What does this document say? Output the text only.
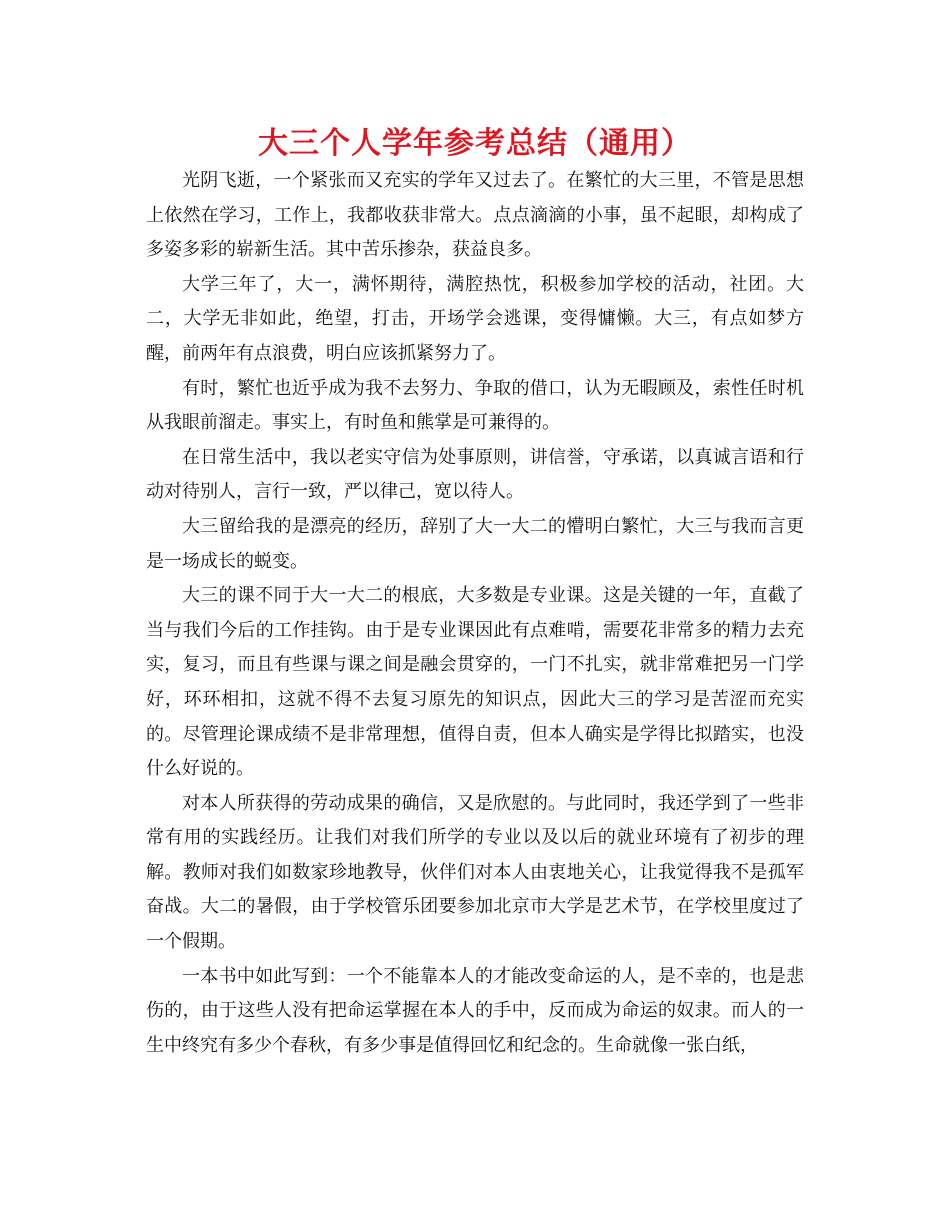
大三个人学年参考总结（通用）

光阴飞逝，一个紧张而又充实的学年又过去了。在繁忙的大三里，不管是思想上依然在学习，工作上，我都收获非常大。点点滴滴的小事，虽不起眼，却构成了多姿多彩的崭新生活。其中苦乐掺杂，获益良多。

大学三年了，大一，满怀期待，满腔热忱，积极参加学校的活动，社团。大二，大学无非如此，绝望，打击，开场学会逃课，变得慵懒。大三，有点如梦方醒，前两年有点浪费，明白应该抓紧努力了。

有时，繁忙也近乎成为我不去努力、争取的借口，认为无暇顾及，索性任时机从我眼前溜走。事实上，有时鱼和熊掌是可兼得的。

在日常生活中，我以老实守信为处事原则，讲信誉，守承诺，以真诚言语和行动对待别人，言行一致，严以律己，宽以待人。

大三留给我的是漂亮的经历，辞别了大一大二的懵明白繁忙，大三与我而言更是一场成长的蜕变。

大三的课不同于大一大二的根底，大多数是专业课。这是关键的一年，直截了当与我们今后的工作挂钩。由于是专业课因此有点难啃，需要花非常多的精力去充实，复习，而且有些课与课之间是融会贯穿的，一门不扎实，就非常难把另一门学好，环环相扣，这就不得不去复习原先的知识点，因此大三的学习是苦涩而充实的。尽管理论课成绩不是非常理想，值得自责，但本人确实是学得比拟踏实，也没什么好说的。

对本人所获得的劳动成果的确信，又是欣慰的。与此同时，我还学到了一些非常有用的实践经历。让我们对我们所学的专业以及以后的就业环境有了初步的理解。教师对我们如数家珍地教导，伙伴们对本人由衷地关心，让我觉得我不是孤军奋战。大二的暑假，由于学校管乐团要参加北京市大学是艺术节，在学校里度过了一个假期。

一本书中如此写到：一个不能靠本人的才能改变命运的人，是不幸的，也是悲伤的，由于这些人没有把命运掌握在本人的手中，反而成为命运的奴隶。而人的一生中终究有多少个春秋，有多少事是值得回忆和纪念的。生命就像一张白纸，
